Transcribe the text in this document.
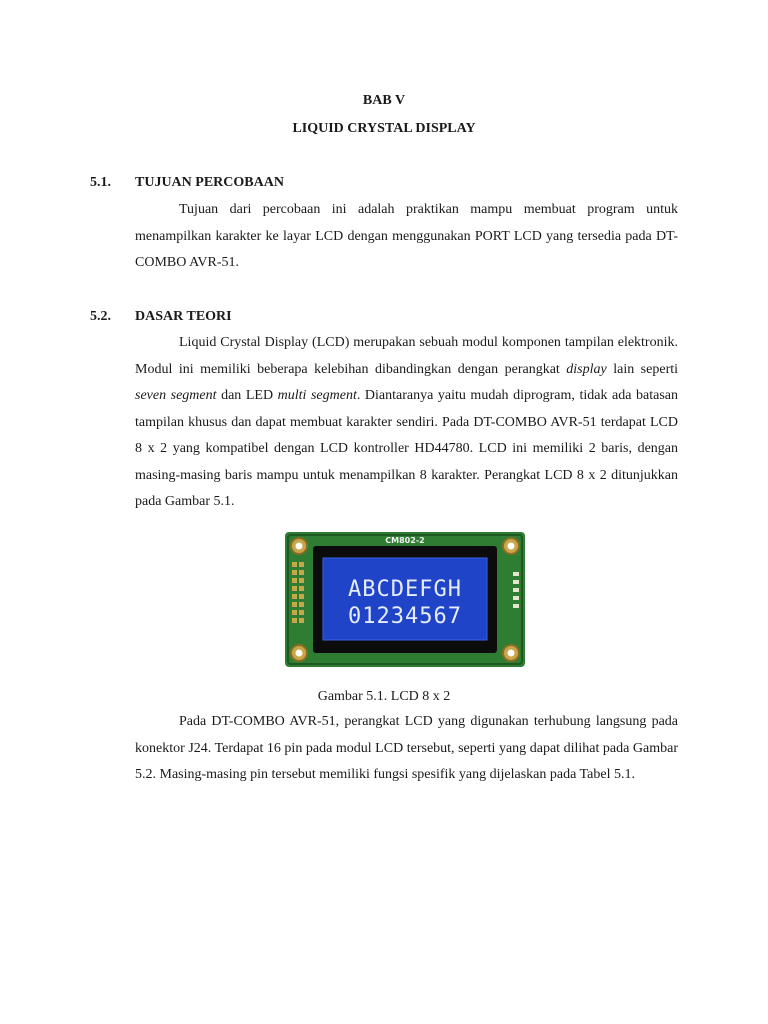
BAB V
LIQUID CRYSTAL DISPLAY
5.1. TUJUAN PERCOBAAN

Tujuan dari percobaan ini adalah praktikan mampu membuat program untuk menampilkan karakter ke layar LCD dengan menggunakan PORT LCD yang tersedia pada DT-COMBO AVR-51.

5.2. DASAR TEORI

Liquid Crystal Display (LCD) merupakan sebuah modul komponen tampilan elektronik. Modul ini memiliki beberapa kelebihan dibandingkan dengan perangkat display lain seperti seven segment dan LED multi segment. Diantaranya yaitu mudah diprogram, tidak ada batasan tampilan khusus dan dapat membuat karakter sendiri. Pada DT-COMBO AVR-51 terdapat LCD 8 x 2 yang kompatibel dengan LCD kontroller HD44780. LCD ini memiliki 2 baris, dengan masing-masing baris mampu untuk menampilkan 8 karakter. Perangkat LCD 8 x 2 ditunjukkan pada Gambar 5.1.

CM802-2
ABCDEFGH
01234567
Gambar 5.1. LCD 8 x 2

Pada DT-COMBO AVR-51, perangkat LCD yang digunakan terhubung langsung pada konektor J24. Terdapat 16 pin pada modul LCD tersebut, seperti yang dapat dilihat pada Gambar 5.2. Masing-masing pin tersebut memiliki fungsi spesifik yang dijelaskan pada Tabel 5.1.
